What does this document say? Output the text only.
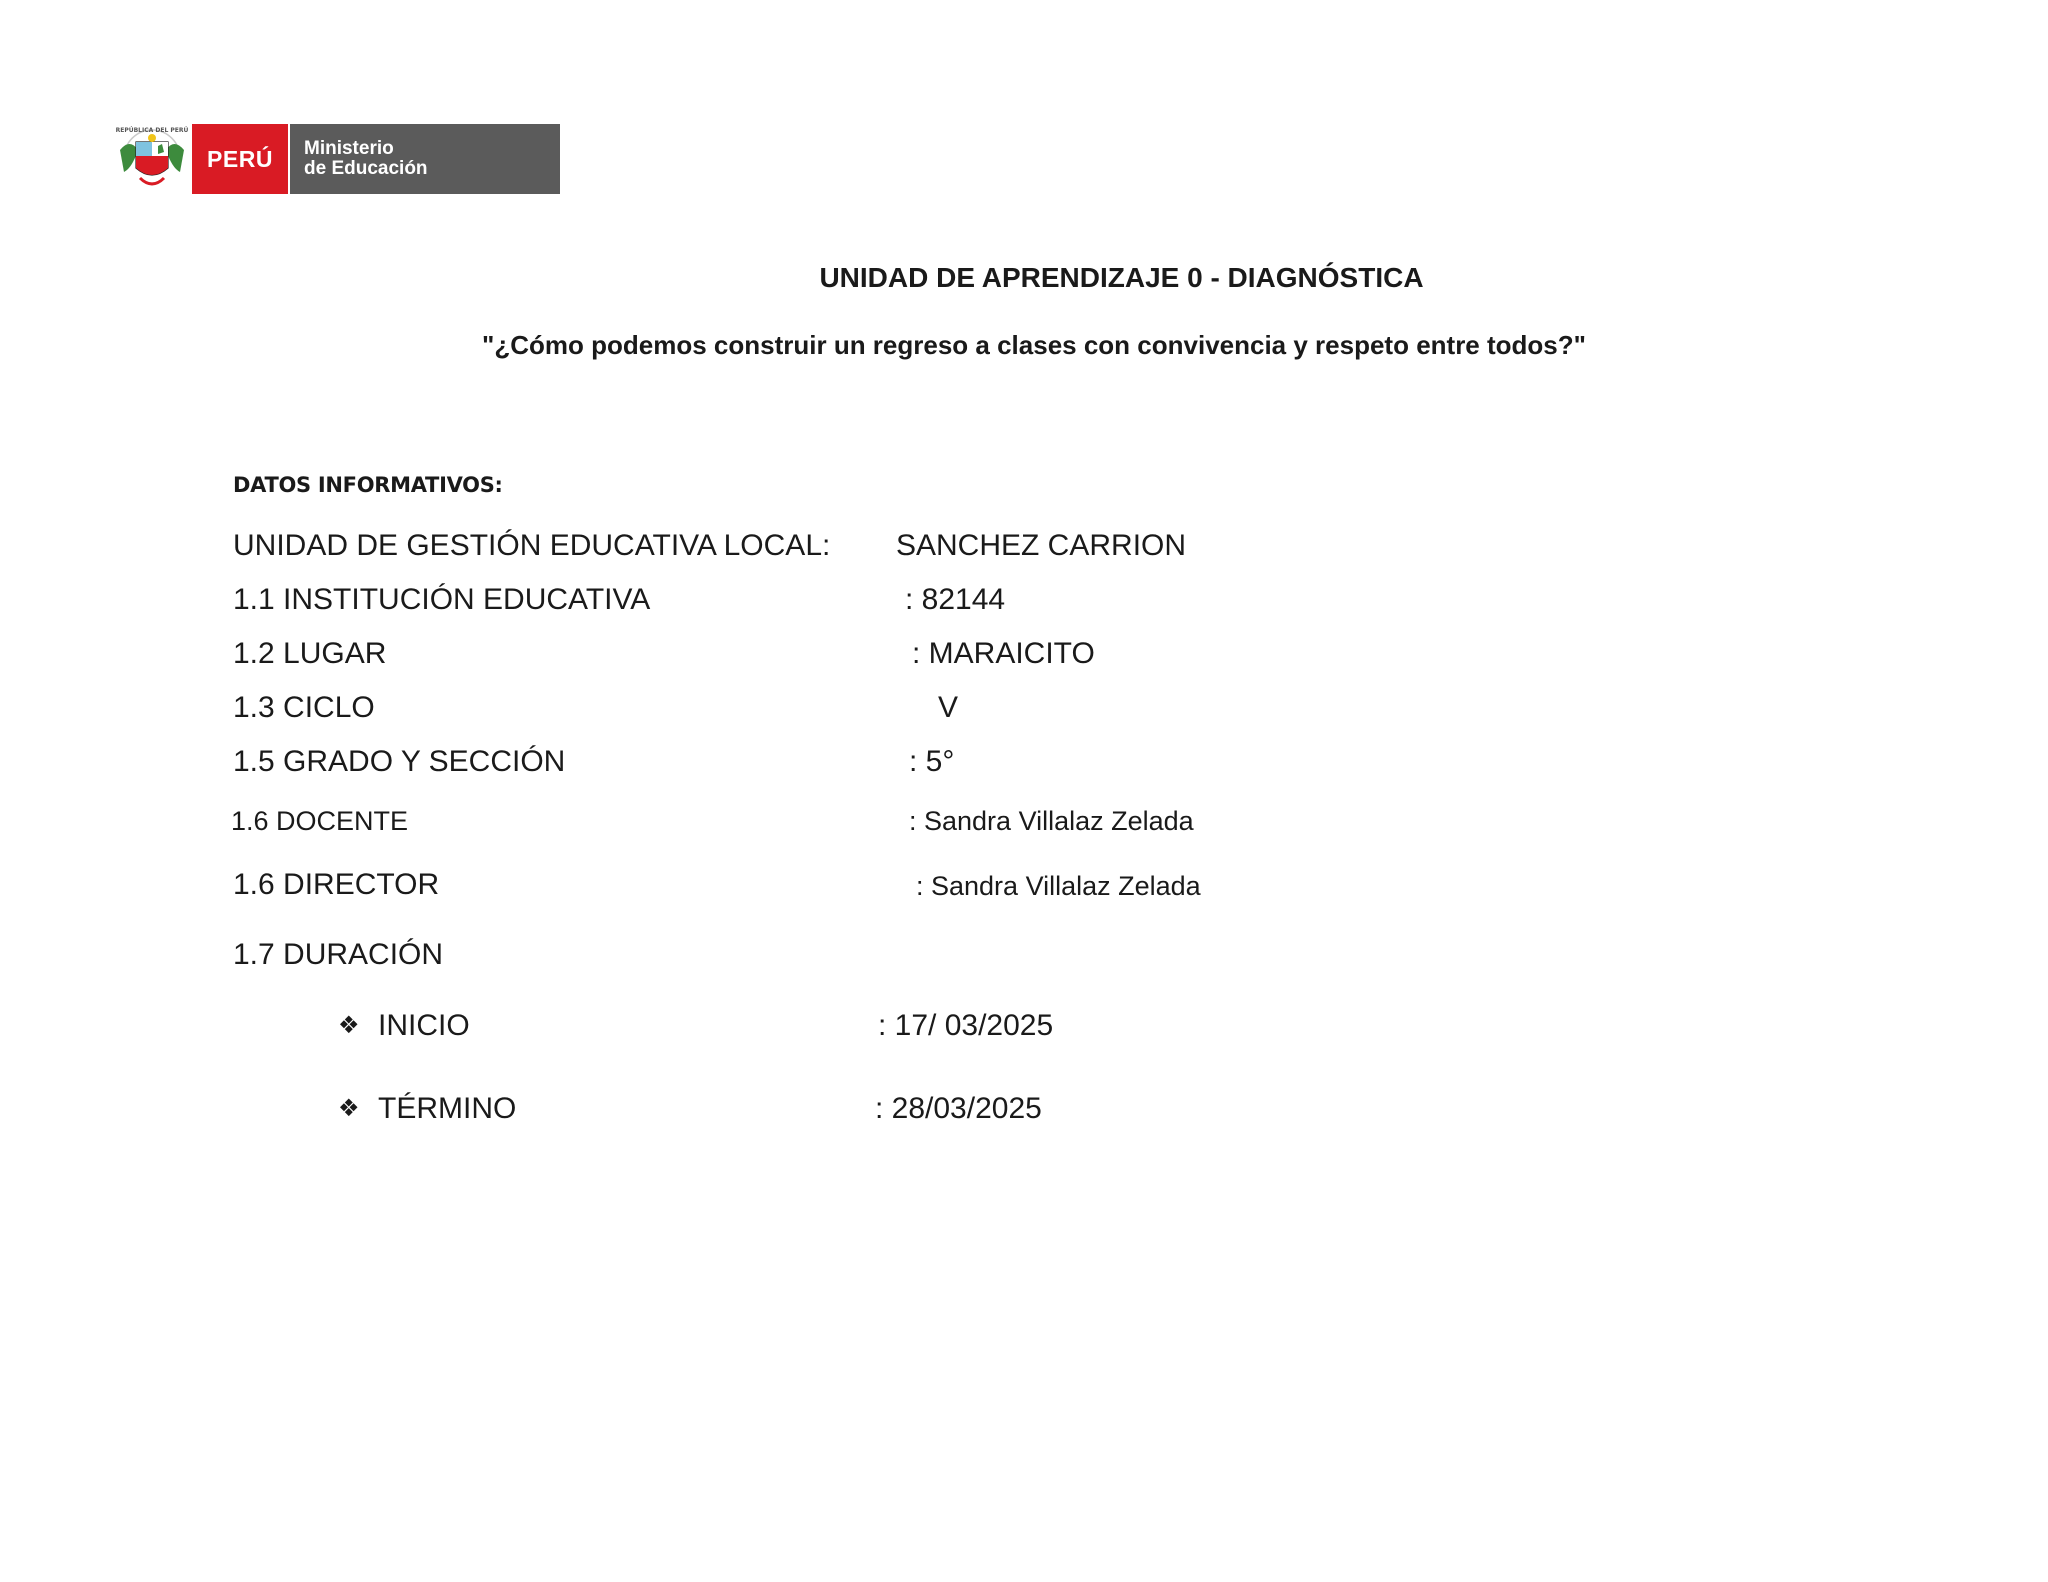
REPÚBLICA DEL PERÚ
PERÚ	Ministerio
de Educación
UNIDAD DE APRENDIZAJE 0 - DIAGNÓSTICA
"¿Cómo podemos construir un regreso a clases con convivencia y respeto entre todos?"
DATOS INFORMATIVOS:
UNIDAD DE GESTIÓN EDUCATIVA LOCAL: SANCHEZ CARRION
1.1 INSTITUCIÓN EDUCATIVA	: 82144
1.2 LUGAR	: MARAICITO
1.3 CICLO	V
1.5 GRADO Y SECCIÓN	: 5°
1.6 DOCENTE	: Sandra Villalaz Zelada
1.6 DIRECTOR	: Sandra Villalaz Zelada
1.7 DURACIÓN
❖ INICIO	: 17/ 03/2025
❖ TÉRMINO	: 28/03/2025
